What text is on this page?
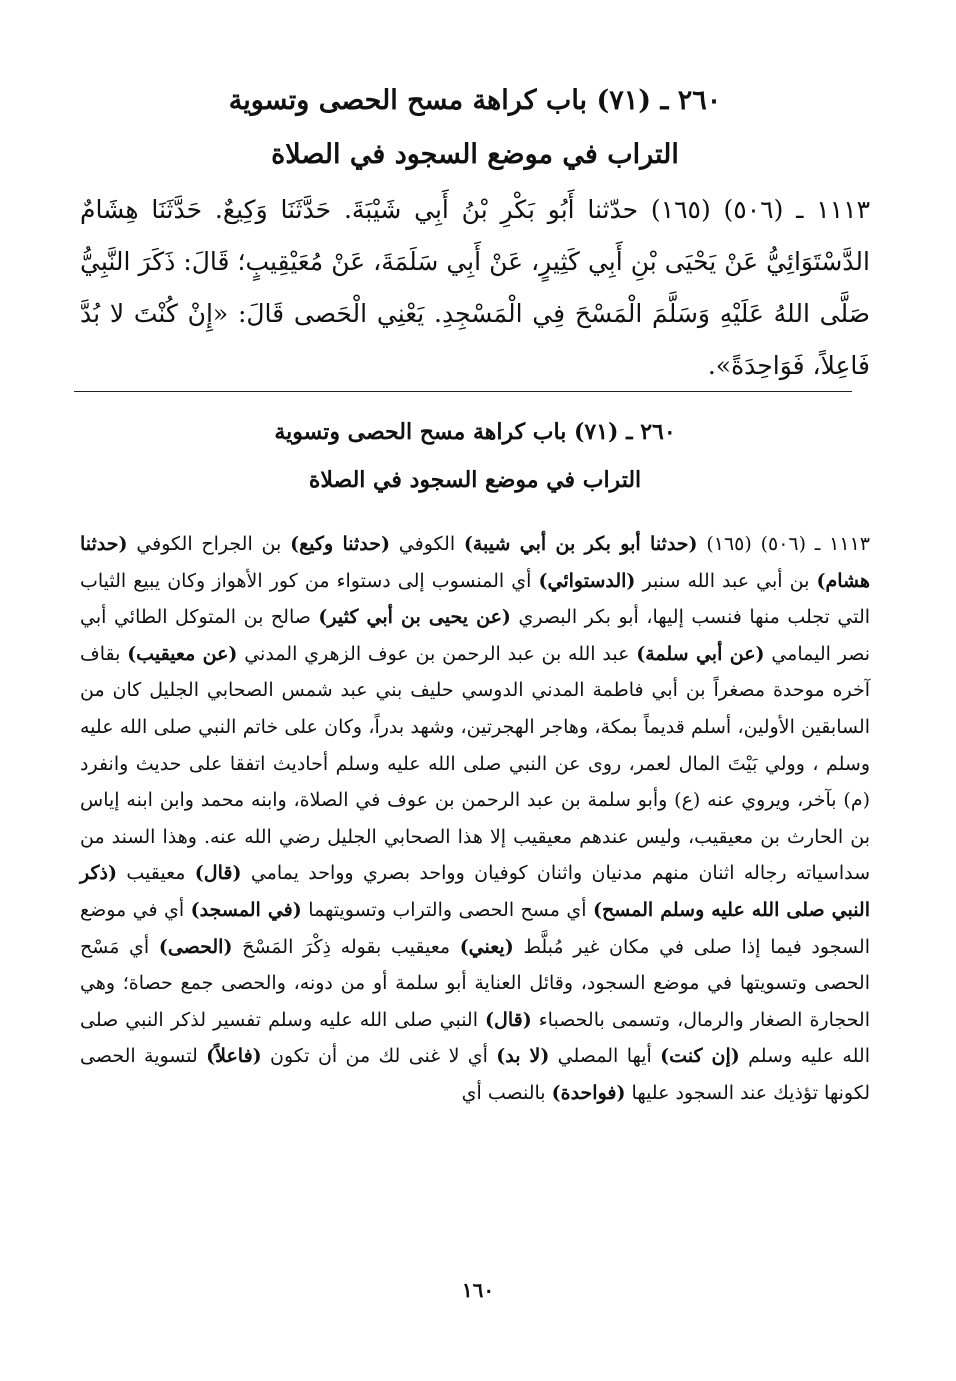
٢٦٠ ـ (٧١) باب كراهة مسح الحصى وتسوية
التراب في موضع السجود في الصلاة
١١١٣ ـ (٥٠٦) (١٦٥) حدّثنا أَبُو بَكْرِ بْنُ أَبِي شَيْبَةَ. حَدَّثَنَا وَكِيعٌ. حَدَّثَنَا هِشَامٌ الدَّسْتَوَائِيُّ عَنْ يَحْيَى بْنِ أَبِي كَثِيرٍ، عَنْ أَبِي سَلَمَةَ، عَنْ مُعَيْقِيبٍ؛ قَالَ: ذَكَرَ النَّبِيُّ صَلَّى اللهُ عَلَيْهِ وَسَلَّمَ الْمَسْحَ فِي الْمَسْجِدِ. يَعْنِي الْحَصى قَالَ: «إِنْ كُنْتَ لا بُدَّ فَاعِلاً، فَوَاحِدَةً».
٢٦٠ ـ (٧١) باب كراهة مسح الحصى وتسوية
التراب في موضع السجود في الصلاة
١١١٣ ـ (٥٠٦) (١٦٥) (حدثنا أبو بكر بن أبي شيبة) الكوفي (حدثنا وكيع) بن الجراح الكوفي (حدثنا هشام) بن أبي عبد الله سنبر (الدستوائي) أي المنسوب إلى دستواء من كور الأهواز وكان يبيع الثياب التي تجلب منها فنسب إليها، أبو بكر البصري (عن يحيى بن أبي كثير) صالح بن المتوكل الطائي أبي نصر اليمامي (عن أبي سلمة) عبد الله بن عبد الرحمن بن عوف الزهري المدني (عن معيقيب) بقاف آخره موحدة مصغراً بن أبي فاطمة المدني الدوسي حليف بني عبد شمس الصحابي الجليل كان من السابقين الأولين، أسلم قديماً بمكة، وهاجر الهجرتين، وشهد بدراً، وكان على خاتم النبي صلى الله عليه وسلم ، وولي بَيْتَ المال لعمر، روى عن النبي صلى الله عليه وسلم أحاديث اتفقا على حديث وانفرد (م) بآخر، ويروي عنه (ع) وأبو سلمة بن عبد الرحمن بن عوف في الصلاة، وابنه محمد وابن ابنه إياس بن الحارث بن معيقيب، وليس عندهم معيقيب إلا هذا الصحابي الجليل رضي الله عنه. وهذا السند من سداسياته رجاله اثنان منهم مدنيان واثنان كوفيان وواحد بصري وواحد يمامي (قال) معيقيب (ذكر النبي صلى الله عليه وسلم المسح) أي مسح الحصى والتراب وتسويتهما (في المسجد) أي في موضع السجود فيما إذا صلى في مكان غير مُبلَّط (يعني) معيقيب بقوله ذِكْرَ المَسْحَ (الحصى) أي مَسْح الحصى وتسويتها في موضع السجود، وقائل العناية أبو سلمة أو من دونه، والحصى جمع حصاة؛ وهي الحجارة الصغار والرمال، وتسمى بالحصباء (قال) النبي صلى الله عليه وسلم تفسير لذكر النبي صلى الله عليه وسلم (إن كنت) أيها المصلي (لا بد) أي لا غنى لك من أن تكون (فاعلاً) لتسوية الحصى لكونها تؤذيك عند السجود عليها (فواحدة) بالنصب أي
١٦٠
